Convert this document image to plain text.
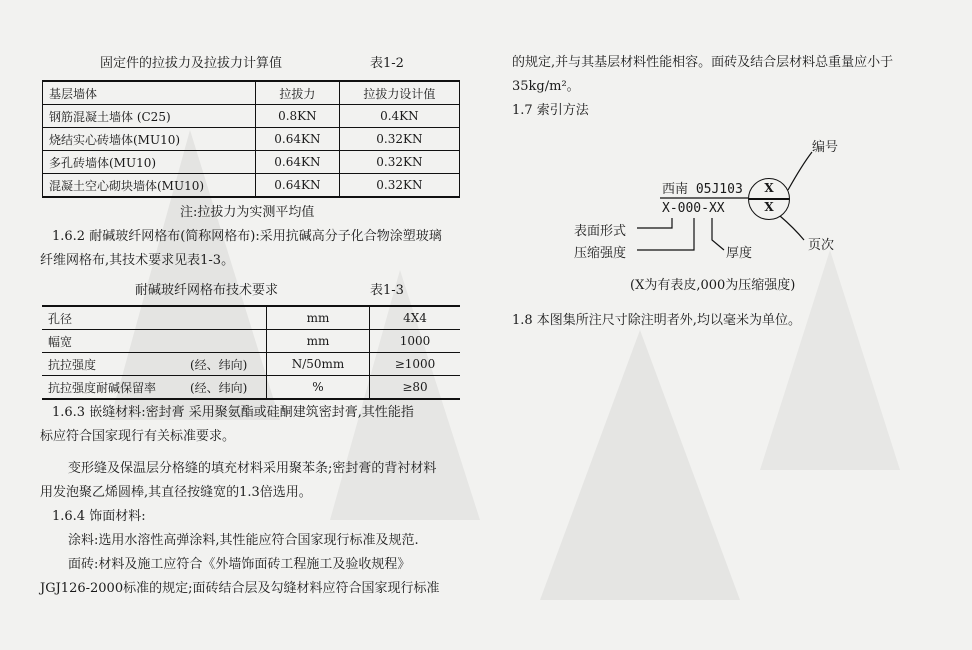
固定件的拉拔力及拉拔力计算值	表1-2
基层墙体	拉拔力	拉拔力设计值
钢筋混凝土墙体 (C25)	0.8KN	0.4KN
烧结实心砖墙体(MU10)	0.64KN	0.32KN
多孔砖墙体(MU10)	0.64KN	0.32KN
混凝土空心砌块墙体(MU10)	0.64KN	0.32KN
注:拉拔力为实测平均值
1.6.2 耐碱玻纤网格布(简称网格布):采用抗碱高分子化合物涂塑玻璃
纤维网格布,其技术要求见表1-3。
耐碱玻纤网格布技术要求	表1-3
孔径		mm	4X4
幅宽		mm	1000
抗拉强度	(经、纬向)	N/50mm	≥1000
抗拉强度耐碱保留率	(经、纬向)	%	≥80
1.6.3 嵌缝材料:密封膏 采用聚氨酯或硅酮建筑密封膏,其性能指
标应符合国家现行有关标准要求。
变形缝及保温层分格缝的填充材料采用聚苯条;密封膏的背衬材料
用发泡聚乙烯圆棒,其直径按缝宽的1.3倍选用。
1.6.4 饰面材料:
涂料:选用水溶性高弹涂料,其性能应符合国家现行标准及规范.
面砖:材料及施工应符合《外墙饰面砖工程施工及验收规程》
JGJ126-2000标准的规定;面砖结合层及勾缝材料应符合国家现行标准
的规定,并与其基层材料性能相容。面砖及结合层材料总重量应小于
35kg/m²。
1.7 索引方法
编号
西南 05J103
X-000-XX
X
X
表面形式
压缩强度	厚度
页次
(X为有表皮,000为压缩强度)
1.8 本图集所注尺寸除注明者外,均以毫米为单位。
